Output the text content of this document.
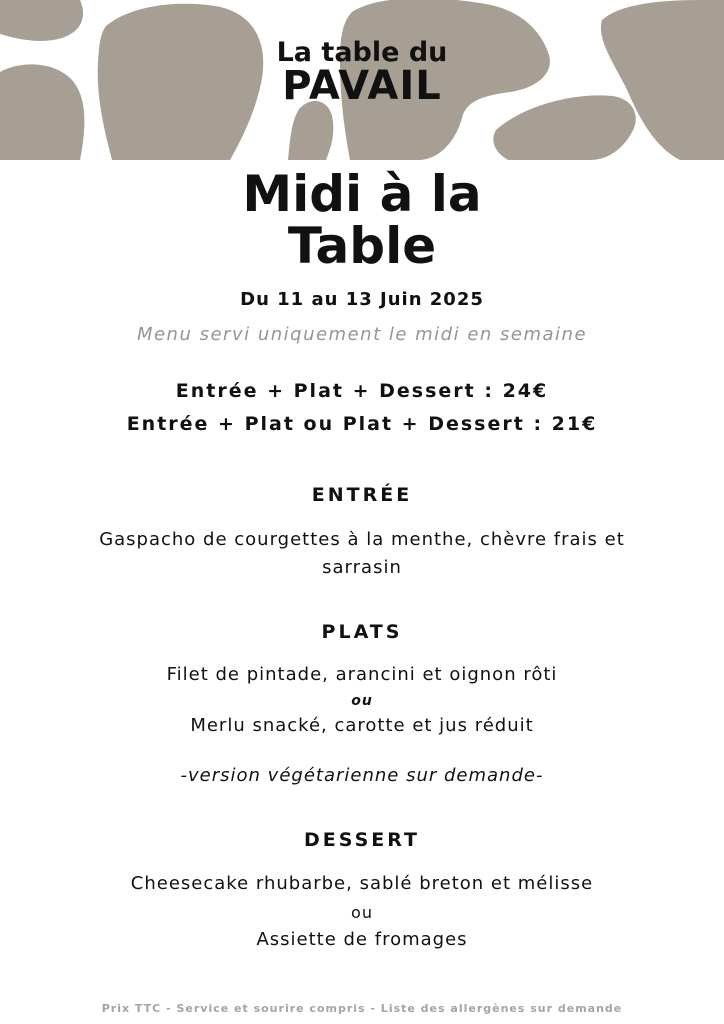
La table du
PAVAIL
Midi à la
Table
Du 11 au 13 Juin 2025
Menu servi uniquement le midi en semaine
Entrée + Plat + Dessert : 24€
Entrée + Plat ou Plat + Dessert : 21€
ENTRÉE
Gaspacho de courgettes à la menthe, chèvre frais et
sarrasin
PLATS
Filet de pintade, arancini et oignon rôti
ou
Merlu snacké, carotte et jus réduit
-version végétarienne sur demande-
DESSERT
Cheesecake rhubarbe, sablé breton et mélisse
ou
Assiette de fromages
Prix TTC - Service et sourire compris - Liste des allergènes sur demande
